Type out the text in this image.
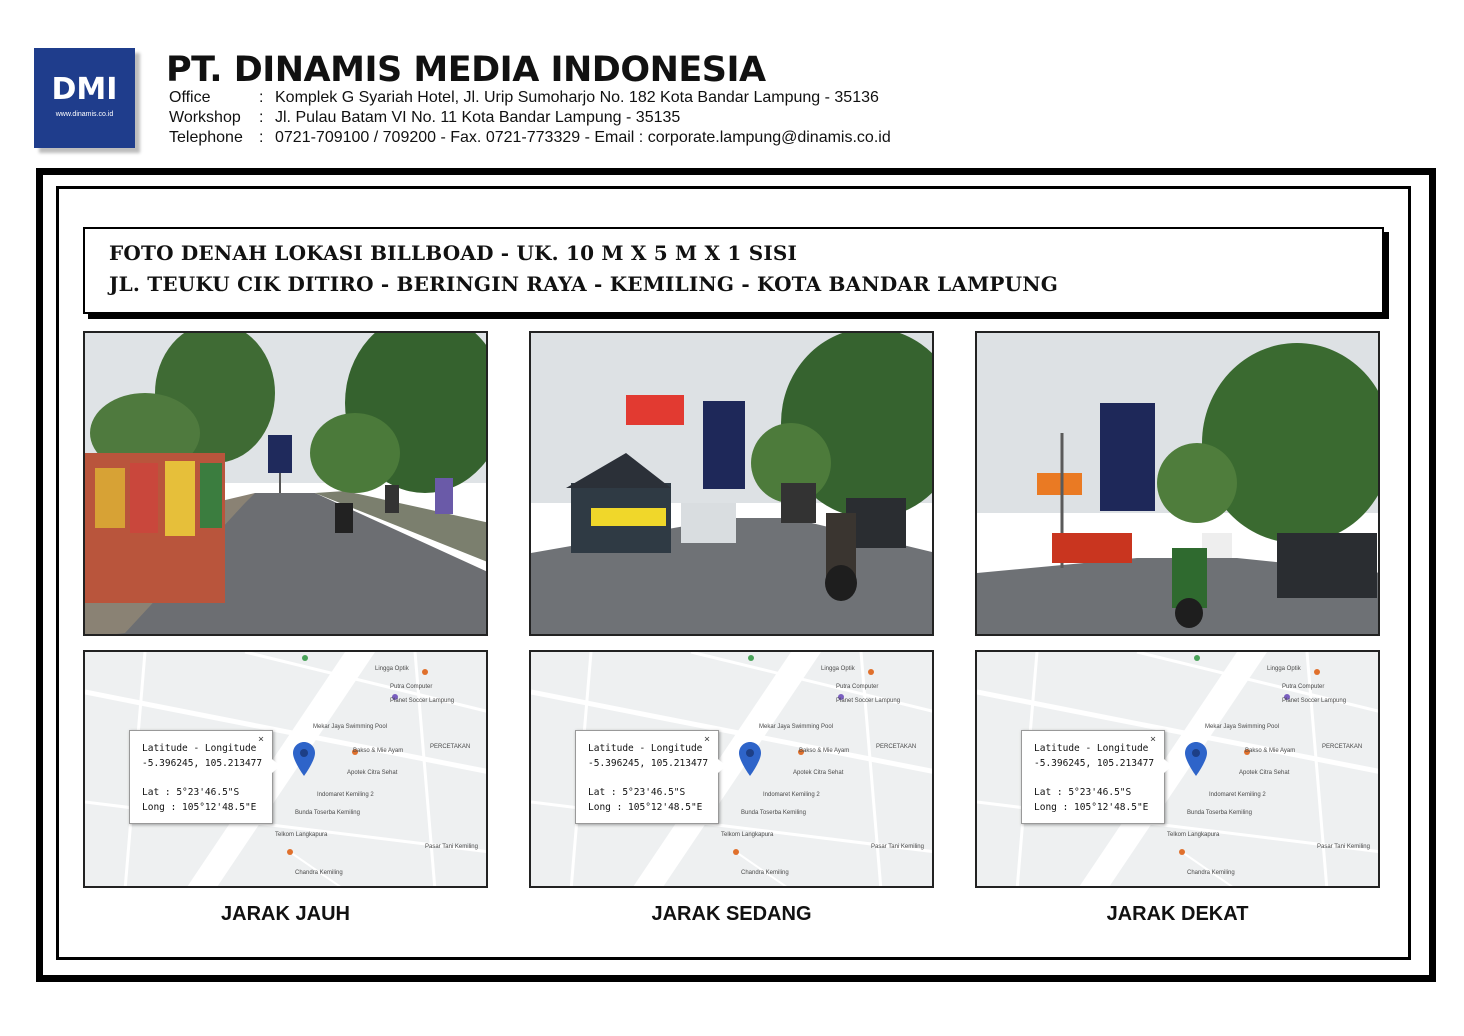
DMI
www.dinamis.co.id
PT. DINAMIS MEDIA INDONESIA
Office	: Komplek G Syariah Hotel, Jl. Urip Sumoharjo No. 182 Kota Bandar Lampung - 35136
Workshop : Jl. Pulau Batam VI No. 11 Kota Bandar Lampung - 35135
Telephone : 0721-709100 / 709200 - Fax. 0721-773329 - Email : corporate.lampung@dinamis.co.id
FOTO DENAH LOKASI BILLBOAD - UK. 10 M X 5 M X 1 SISI
JL. TEUKU CIK DITIRO - BERINGIN RAYA - KEMILING - KOTA BANDAR LAMPUNG
Lingga Optik
Putra Computer
Planet Soccer Lampung
Mekar Jaya Swimming Pool
Bakso & Mie Ayam
Apotek Citra Sehat
PERCETAKAN
Indomaret Kemiling 2
Bunda Toserba Kemiling
Telkom Langkapura
Chandra Kemiling
Pasar Tani Kemiling
×
Latitude - Longitude
-5.396245, 105.213477
Lat : 5°23'46.5"S
Long : 105°12'48.5"E
Lingga Optik
Putra Computer
Planet Soccer Lampung
Mekar Jaya Swimming Pool
Bakso & Mie Ayam
Apotek Citra Sehat
PERCETAKAN
Indomaret Kemiling 2
Bunda Toserba Kemiling
Telkom Langkapura
Chandra Kemiling
Pasar Tani Kemiling
×
Latitude - Longitude
-5.396245, 105.213477
Lat : 5°23'46.5"S
Long : 105°12'48.5"E
Lingga Optik
Putra Computer
Planet Soccer Lampung
Mekar Jaya Swimming Pool
Bakso & Mie Ayam
Apotek Citra Sehat
PERCETAKAN
Indomaret Kemiling 2
Bunda Toserba Kemiling
Telkom Langkapura
Chandra Kemiling
Pasar Tani Kemiling
×
Latitude - Longitude
-5.396245, 105.213477
Lat : 5°23'46.5"S
Long : 105°12'48.5"E
JARAK JAUH	JARAK SEDANG	JARAK DEKAT
